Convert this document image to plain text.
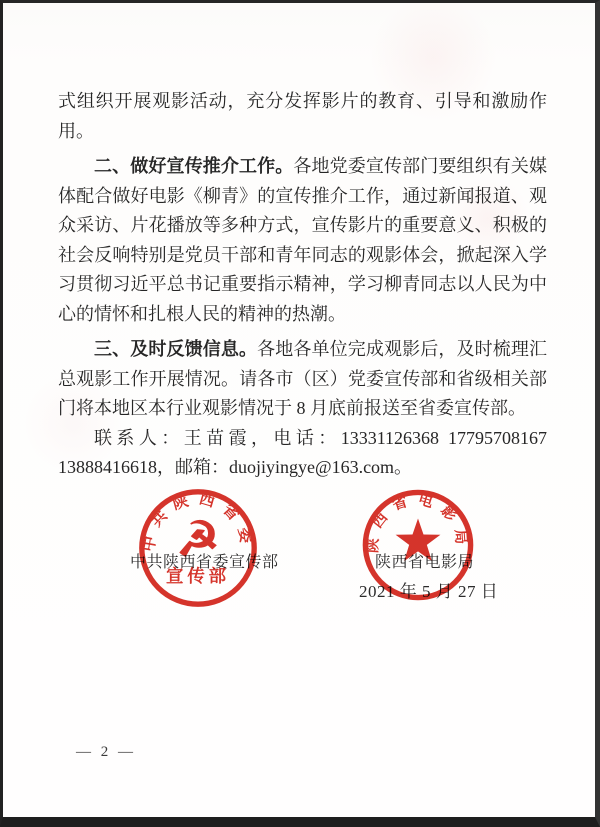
式组织开展观影活动，充分发挥影片的教育、引导和激励作用。

二、做好宣传推介工作。各地党委宣传部门要组织有关媒体配合做好电影《柳青》的宣传推介工作，通过新闻报道、观众采访、片花播放等多种方式，宣传影片的重要意义、积极的社会反响特别是党员干部和青年同志的观影体会，掀起深入学习贯彻习近平总书记重要指示精神，学习柳青同志以人民为中心的情怀和扎根人民的精神的热潮。

三、及时反馈信息。各地各单位完成观影后，及时梳理汇总观影工作开展情况。请各市（区）党委宣传部和省级相关部门将本地区本行业观影情况于 8 月底前报送至省委宣传部。

联系人：王苗霞，电话：13331126368 17795708167 13888416618，邮箱：duojiyingye@163.com。

中共陕西省委宣传部	陕西省电影局
2021 年 5 月 27 日
中共陕西省委
☭
宣传部
陕西省电影局
— 2 —
